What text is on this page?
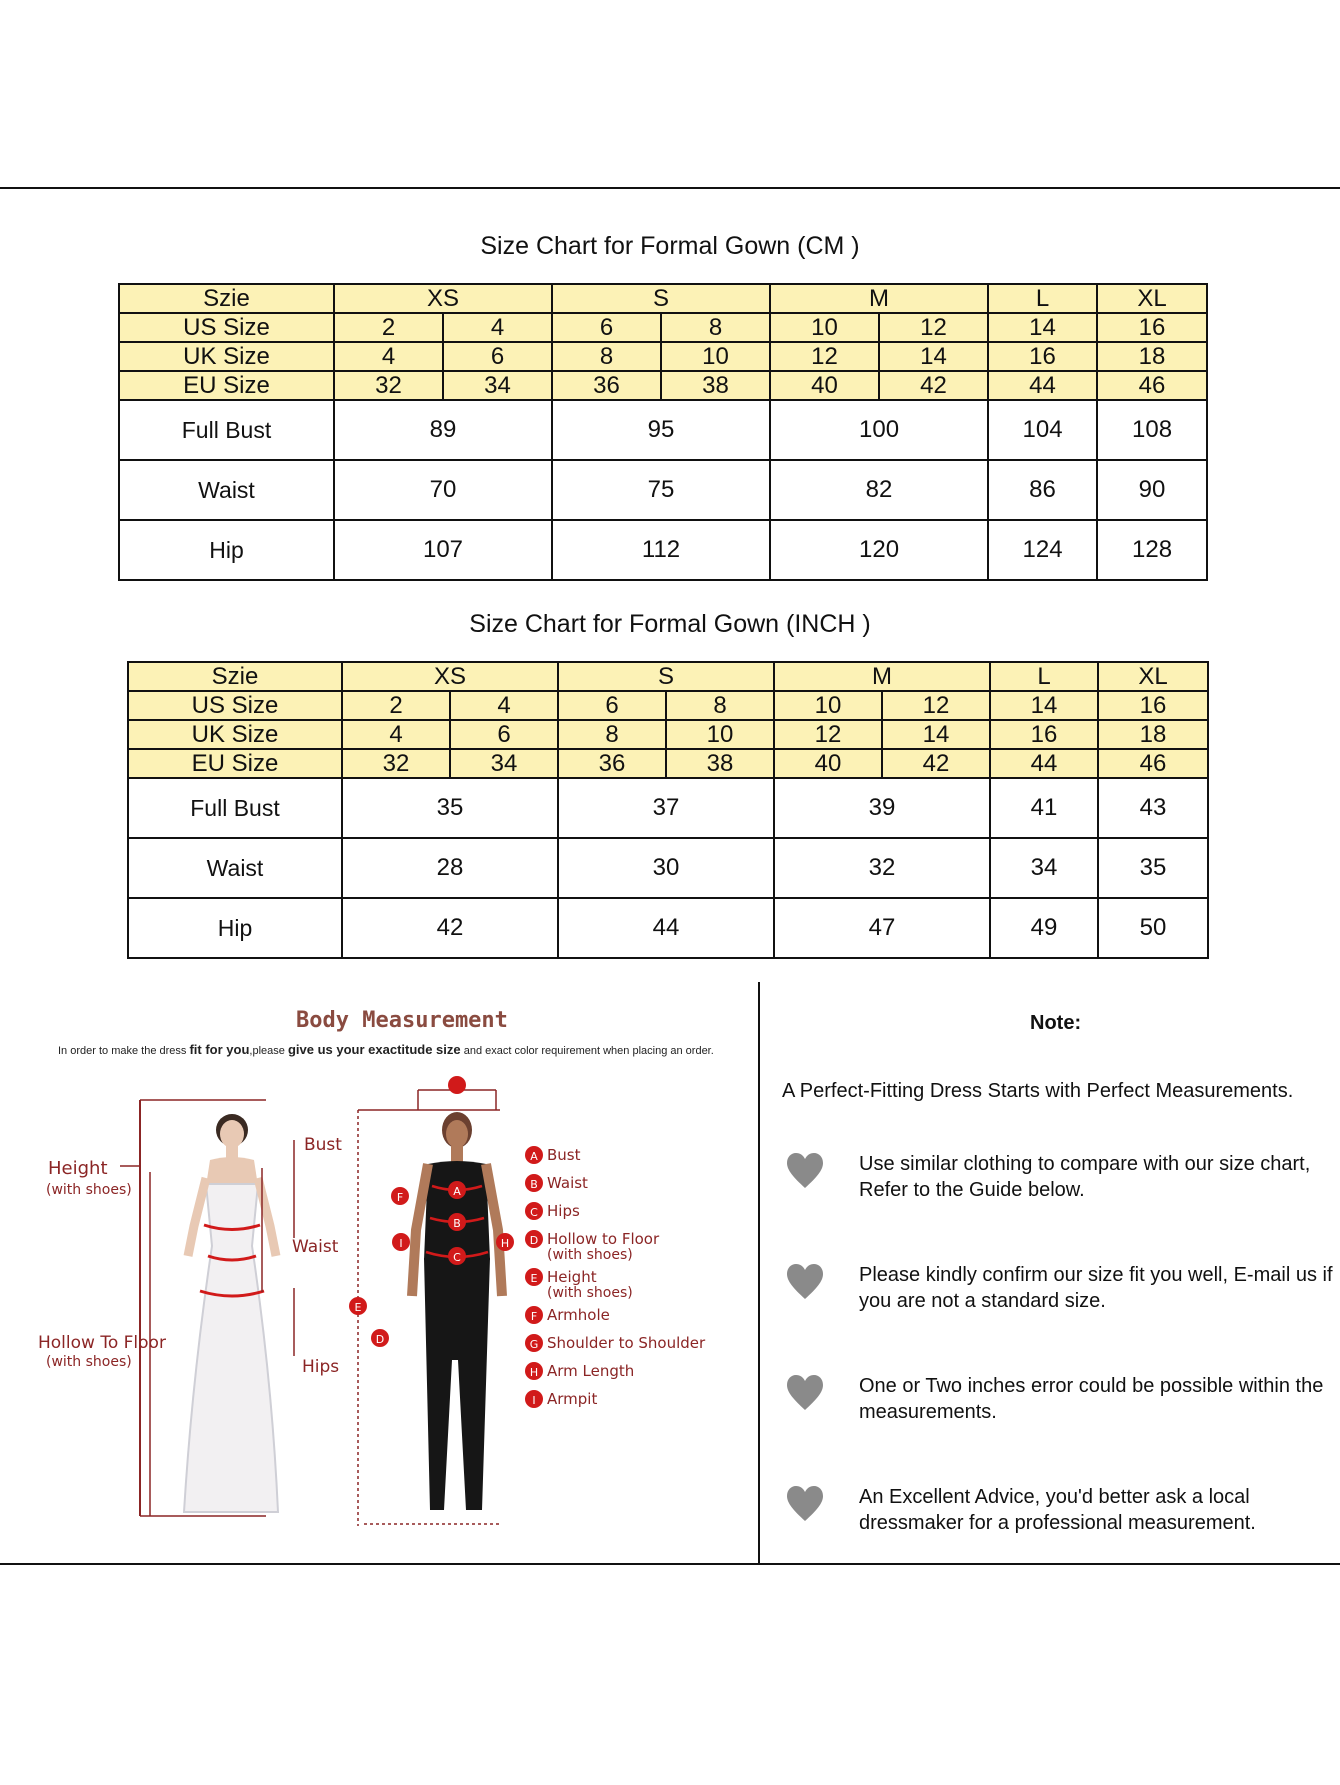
Size Chart for Formal Gown (CM )
Szie	XS		S		M		L	XL
US Size	2	4	6	8	10	12	14	16
UK Size	4	6	8	10	12	14	16	18
EU Size	32	34	36	38	40	42	44	46
Full Bust	89		95		100		104	108
Waist	70		75		82		86	90
Hip	107		112		120		124	128
Size Chart for Formal Gown (INCH )
Szie	XS		S		M		L	XL
US Size	2	4	6	8	10	12	14	16
UK Size	4	6	8	10	12	14	16	18
EU Size	32	34	36	38	40	42	44	46
Full Bust	35		37		39		41	43
Waist	28		30		32		34	35
Hip	42		44		47		49	50
Body Measurement
In order to make the dress fit for you,please give us your exactitude size and exact color requirement when placing an order.
Height
(with shoes)
Hollow To Floor
(with shoes)
Bust
Waist
Hips
A
B
C
F
I	H
E
D
A Bust
B Waist
C Hips
D Hollow to Floor
(with shoes)
E Height
(with shoes)
F Armhole
G Shoulder to Shoulder
H Arm Length
I Armpit
Note:
A Perfect-Fitting Dress Starts with Perfect Measurements.
Use similar clothing to compare with our size chart, Refer to the Guide below.
Please kindly confirm our size fit you well, E-mail us if you are not a standard size.
One or Two inches error could be possible within the measurements.
An Excellent Advice, you'd better ask a local dressmaker for a professional measurement.
